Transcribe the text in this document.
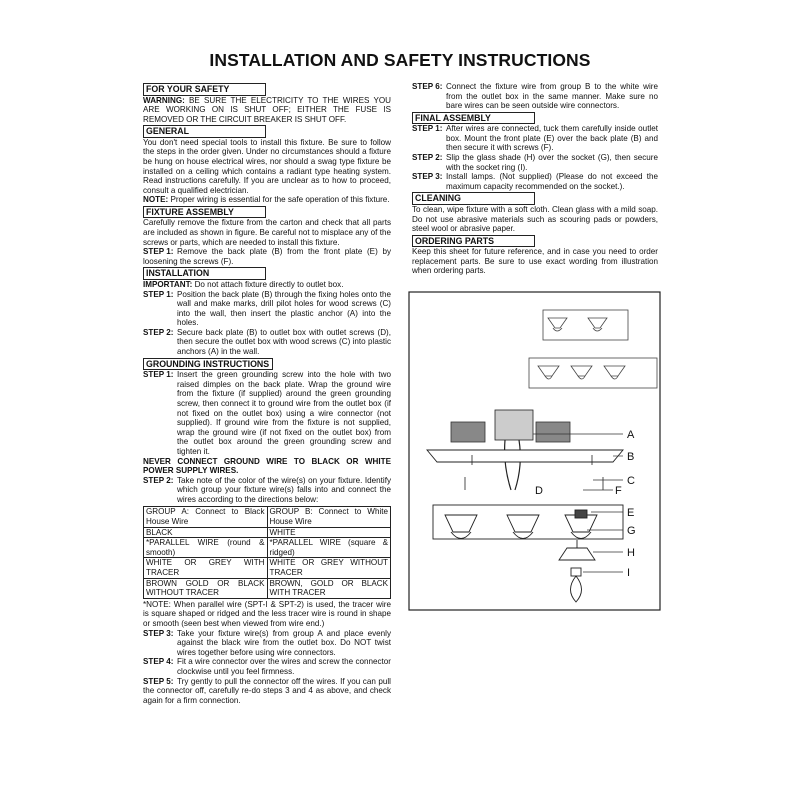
INSTALLATION AND SAFETY INSTRUCTIONS
FOR YOUR SAFETY

WARNING: BE SURE THE ELECTRICITY TO THE WIRES YOU ARE WORKING ON IS SHUT OFF; EITHER THE FUSE IS REMOVED OR THE CIRCUIT BREAKER IS SHUT OFF.

GENERAL

You don't need special tools to install this fixture. Be sure to follow the steps in the order given. Under no circumstances should a fixture be hung on house electrical wires, nor should a swag type fixture be installed on a ceiling which contains a radiant type heating system. Read instructions carefully. If you are unclear as to how to proceed, consult a qualified electrician.

NOTE: Proper wiring is essential for the safe operation of this fixture.

FIXTURE ASSEMBLY

Carefully remove the fixture from the carton and check that all parts are included as shown in figure. Be careful not to misplace any of the screws or parts, which are needed to install this fixture.

STEP 1: Remove the back plate (B) from the front plate (E) by loosening the screws (F).
INSTALLATION

IMPORTANT: Do not attach fixture directly to outlet box.

STEP 1: Position the back plate (B) through the fixing holes onto the wall and make marks, drill pilot holes for wood screws (C) into the wall, then insert the plastic anchor (A) into the holes.
STEP 2: Secure back plate (B) to outlet box with outlet screws (D), then secure the outlet box with wood screws (C) into plastic anchors (A) in the wall.
GROUNDING INSTRUCTIONS
STEP 1: Insert the green grounding screw into the hole with two raised dimples on the back plate. Wrap the ground wire from the fixture (if supplied) around the green grounding screw, then connect it to ground wire from the outlet box (if not fixed on the outlet box) using a wire connector (not supplied). If ground wire from the fixture is not supplied, wrap the ground wire (if not fixed on the outlet box) from the outlet box around the green grounding screw and tighten it.

NEVER CONNECT GROUND WIRE TO BLACK OR WHITE POWER SUPPLY WIRES.

STEP 2: Take note of the color of the wire(s) on your fixture. Identify which group your fixture wire(s) falls into and connect the wires according to the directions below:
GROUP A: Connect to Black House Wire	GROUP B: Connect to White House Wire
BLACK	WHITE
*PARALLEL WIRE (round & smooth)	*PARALLEL WIRE (square & ridged)
WHITE OR GREY WITH TRACER	WHITE OR GREY WITHOUT TRACER
BROWN GOLD OR BLACK WITHOUT TRACER	BROWN, GOLD OR BLACK WITH TRACER

*NOTE: When parallel wire (SPT-I & SPT-2) is used, the tracer wire is square shaped or ridged and the less tracer wire is round in shape or smooth (seen best when viewed from wire end.)

STEP 3: Take your fixture wire(s) from group A and place evenly against the black wire from the outlet box. Do NOT twist wires together before using wire connectors.
STEP 4: Fit a wire connector over the wires and screw the connector clockwise until you feel firmness.
STEP 5: Try gently to pull the connector off the wires. If you can pull the connector off, carefully re-do steps 3 and 4 as above, and check again for a firm connection.
STEP 6: Connect the fixture wire from group B to the white wire from the outlet box in the same manner. Make sure no bare wires can be seen outside wire connectors.
FINAL ASSEMBLY
STEP 1: After wires are connected, tuck them carefully inside outlet box. Mount the front plate (E) over the back plate (B) and then secure it with screws (F).
STEP 2: Slip the glass shade (H) over the socket (G), then secure with the socket ring (I).
STEP 3: Install lamps. (Not supplied) (Please do not exceed the maximum capacity recommended on the socket.).
CLEANING

To clean, wipe fixture with a soft cloth. Clean glass with a mild soap. Do not use abrasive materials such as scouring pads or powders, steel wool or abrasive paper.

ORDERING PARTS

Keep this sheet for future reference, and in case you need to order replacement parts. Be sure to use exact wording from illustration when ordering parts.

A
B
C
D
E
F
G
H
I
